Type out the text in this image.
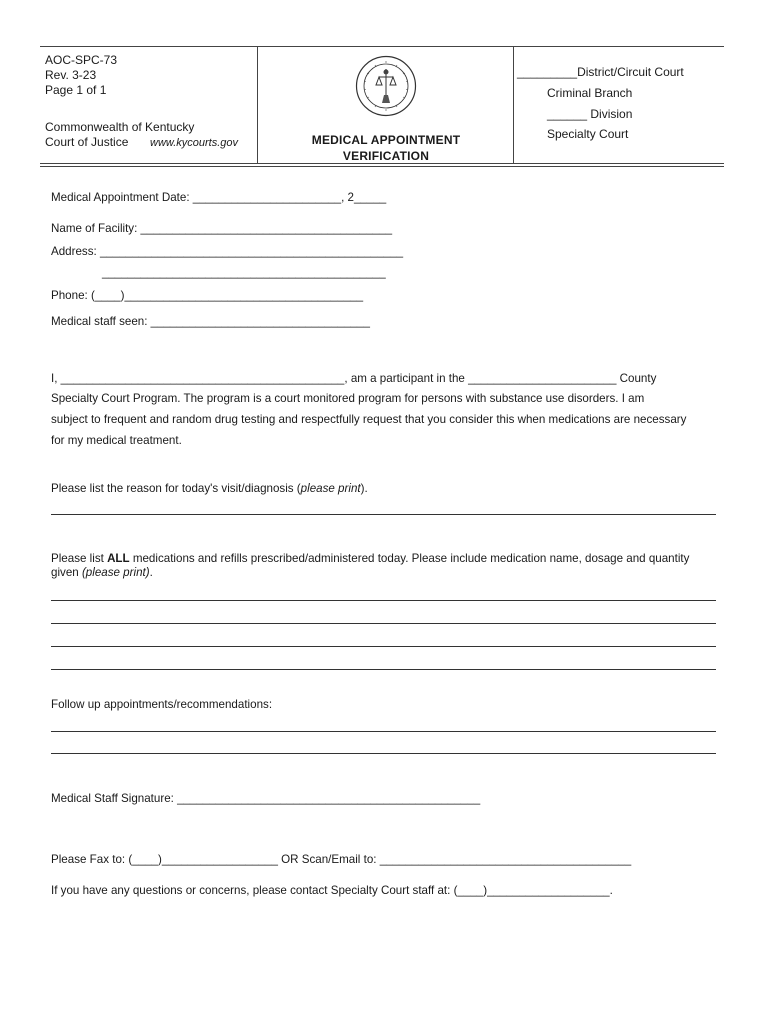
AOC-SPC-73
Rev. 3-23
Page 1 of 1
Commonwealth of Kentucky
Court of Justice www.kycourts.gov	MEDICAL APPOINTMENT
VERIFICATION
_________District/Circuit Court
Criminal Branch
______ Division
Specialty Court
Medical Appointment Date: _______________________, 2_____
Name of Facility: _______________________________________
Address: _______________________________________________
____________________________________________
Phone: (____)_____________________________________
Medical staff seen: __________________________________
I, ____________________________________________, am a participant in the _______________________ County
Specialty Court Program. The program is a court monitored program for persons with substance use disorders. I am
subject to frequent and random drug testing and respectfully request that you consider this when medications are necessary
for my medical treatment.
Please list the reason for today's visit/diagnosis (please print).
Please list ALL medications and refills prescribed/administered today. Please include medication name, dosage and quantity
given (please print).
Follow up appointments/recommendations:
Medical Staff Signature: _______________________________________________
Please Fax to: (____)__________________ OR Scan/Email to: _______________________________________
If you have any questions or concerns, please contact Specialty Court staff at: (____)___________________.
